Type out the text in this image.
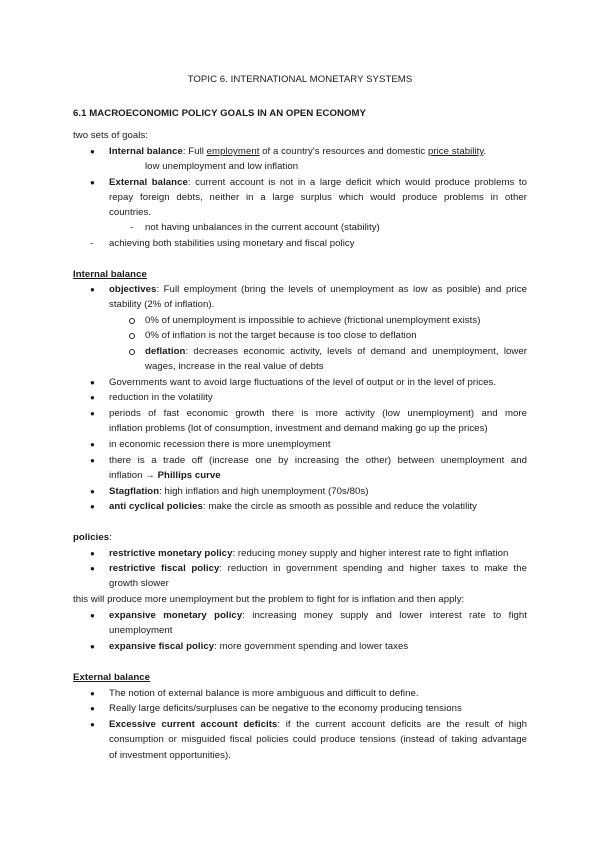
TOPIC 6. INTERNATIONAL MONETARY SYSTEMS
6.1 MACROECONOMIC POLICY GOALS IN AN OPEN ECONOMY
two sets of goals:
● Internal balance: Full employment of a country's resources and domestic price stability.
low unemployment and low inflation
● External balance: current account is not in a large deficit which would produce problems to
repay foreign debts, neither in a large surplus which would produce problems in other
countries.
- not having unbalances in the current account (stability)
- achieving both stabilities using monetary and fiscal policy
Internal balance
● objectives: Full employment (bring the levels of unemployment as low as posible) and price
stability (2% of inflation).
0% of unemployment is impossible to achieve (frictional unemployment exists)
0% of inflation is not the target because is too close to deflation
deflation: decreases economic activity, levels of demand and unemployment, lower
wages, increase in the real value of debts
● Governments want to avoid large fluctuations of the level of output or in the level of prices.
● reduction in the volatility
● periods of fast economic growth there is more activity (low unemployment) and more
inflation problems (lot of consumption, investment and demand making go up the prices)
● in economic recession there is more unemployment
● there is a trade off (increase one by increasing the other) between unemployment and
inflation → Phillips curve
● Stagflation: high inflation and high unemployment (70s/80s)
● anti cyclical policies: make the circle as smooth as possible and reduce the volatility
policies:
● restrictive monetary policy: reducing money supply and higher interest rate to fight inflation
● restrictive fiscal policy: reduction in government spending and higher taxes to make the
growth slower
this will produce more unemployment but the problem to fight for is inflation and then apply:
● expansive monetary policy: increasing money supply and lower interest rate to fight
unemployment
● expansive fiscal policy: more government spending and lower taxes
External balance
● The notion of external balance is more ambiguous and difficult to define.
● Really large deficits/surpluses can be negative to the economy producing tensions
● Excessive current account deficits: if the current account deficits are the result of high
consumption or misguided fiscal policies could produce tensions (instead of taking advantage
of investment opportunities).
